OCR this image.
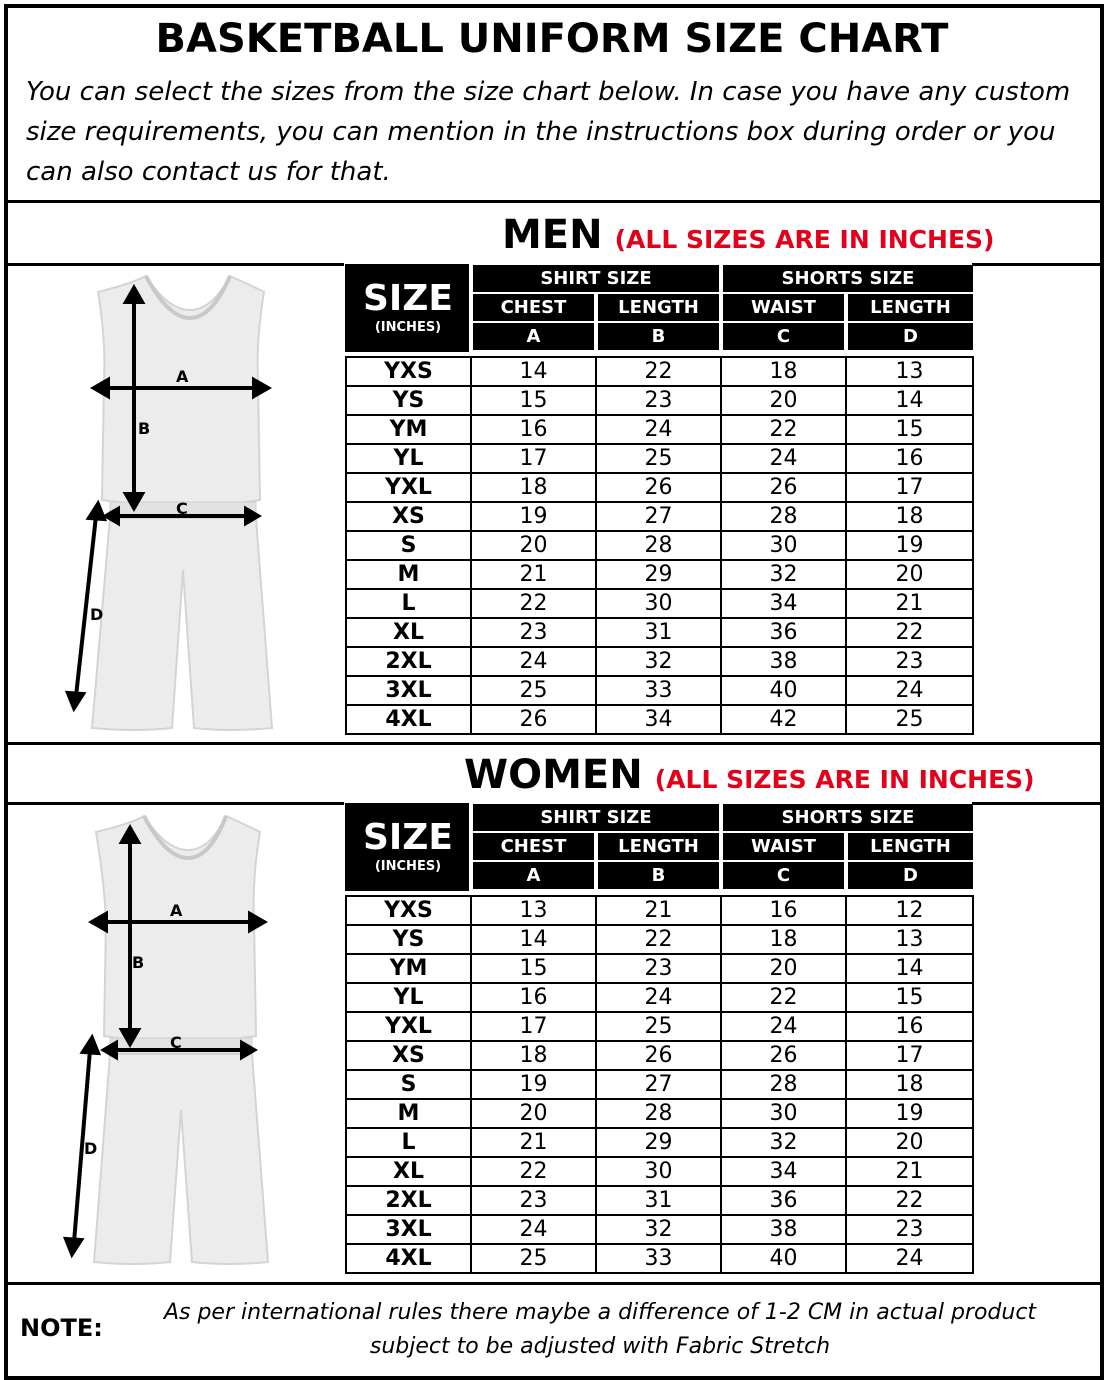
BASKETBALL UNIFORM SIZE CHART
You can select the sizes from the size chart below. In case you have any custom size requirements, you can mention in the instructions box during order or you can also contact us for that.
MEN (ALL SIZES ARE IN INCHES)
WOMEN (ALL SIZES ARE IN INCHES)
A
B
C
D
A
B
C
D
SIZE
(INCHES)	SHIRT SIZE		SHORTS SIZE	
	CHEST	LENGTH	WAIST	LENGTH
	A	B	C	D

YXS	14	22	18	13
YS	15	23	20	14
YM	16	24	22	15
YL	17	25	24	16
YXL	18	26	26	17
XS	19	27	28	18
S	20	28	30	19
M	21	29	32	20
L	22	30	34	21
XL	23	31	36	22
2XL	24	32	38	23
3XL	25	33	40	24
4XL	26	34	42	25
SIZE
(INCHES)	SHIRT SIZE		SHORTS SIZE	
	CHEST	LENGTH	WAIST	LENGTH
	A	B	C	D

YXS	13	21	16	12
YS	14	22	18	13
YM	15	23	20	14
YL	16	24	22	15
YXL	17	25	24	16
XS	18	26	26	17
S	19	27	28	18
M	20	28	30	19
L	21	29	32	20
XL	22	30	34	21
2XL	23	31	36	22
3XL	24	32	38	23
4XL	25	33	40	24
NOTE:
As per international rules there maybe a difference of 1-2 CM in actual product subject to be adjusted with Fabric Stretch
